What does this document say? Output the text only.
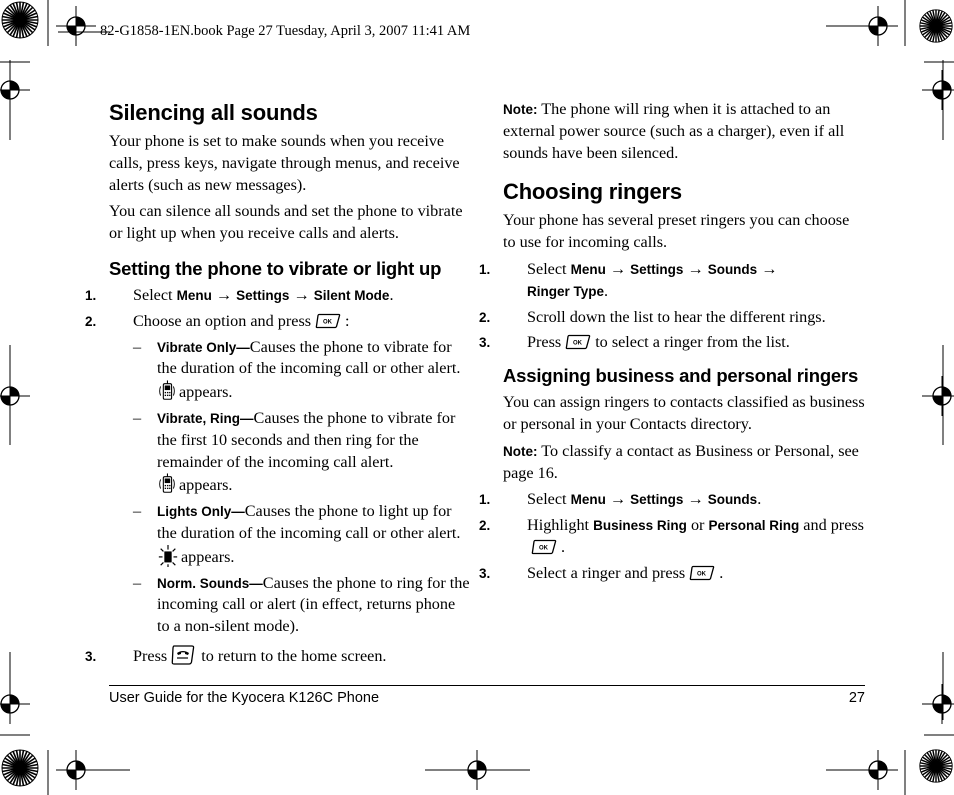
82-G1858-1EN.book Page 27 Tuesday, April 3, 2007 11:41 AM
Silencing all sounds

Your phone is set to make sounds when you receive calls, press keys, navigate through menus, and receive alerts (such as new messages).

You can silence all sounds and set the phone to vibrate or light up when you receive calls and alerts.

Setting the phone to vibrate or light up
1. Select Menu → Settings → Silent Mode.
2. Choose an option and press :
– Vibrate Only—Causes the phone to vibrate for the duration of the incoming call or other alert.
appears.
– Vibrate, Ring—Causes the phone to vibrate for the first 10 seconds and then ring for the remainder of the incoming call alert.
appears.
– Lights Only—Causes the phone to light up for the duration of the incoming call or other alert.
appears.
– Norm. Sounds—Causes the phone to ring for the incoming call or alert (in effect, returns phone to a non-silent mode).
3. Press to return to the home screen.

Note: The phone will ring when it is attached to an external power source (such as a charger), even if all sounds have been silenced.

Choosing ringers

Your phone has several preset ringers you can choose to use for incoming calls.

1. Select Menu → Settings → Sounds →
Ringer Type.
2. Scroll down the list to hear the different rings.
3. Press to select a ringer from the list.
Assigning business and personal ringers

You can assign ringers to contacts classified as business or personal in your Contacts directory.

Note: To classify a contact as Business or Personal, see page 16.

1. Select Menu → Settings → Sounds.
2. Highlight Business Ring or Personal Ring and press.
3. Select a ringer and press .
User Guide for the Kyocera K126C Phone	27
